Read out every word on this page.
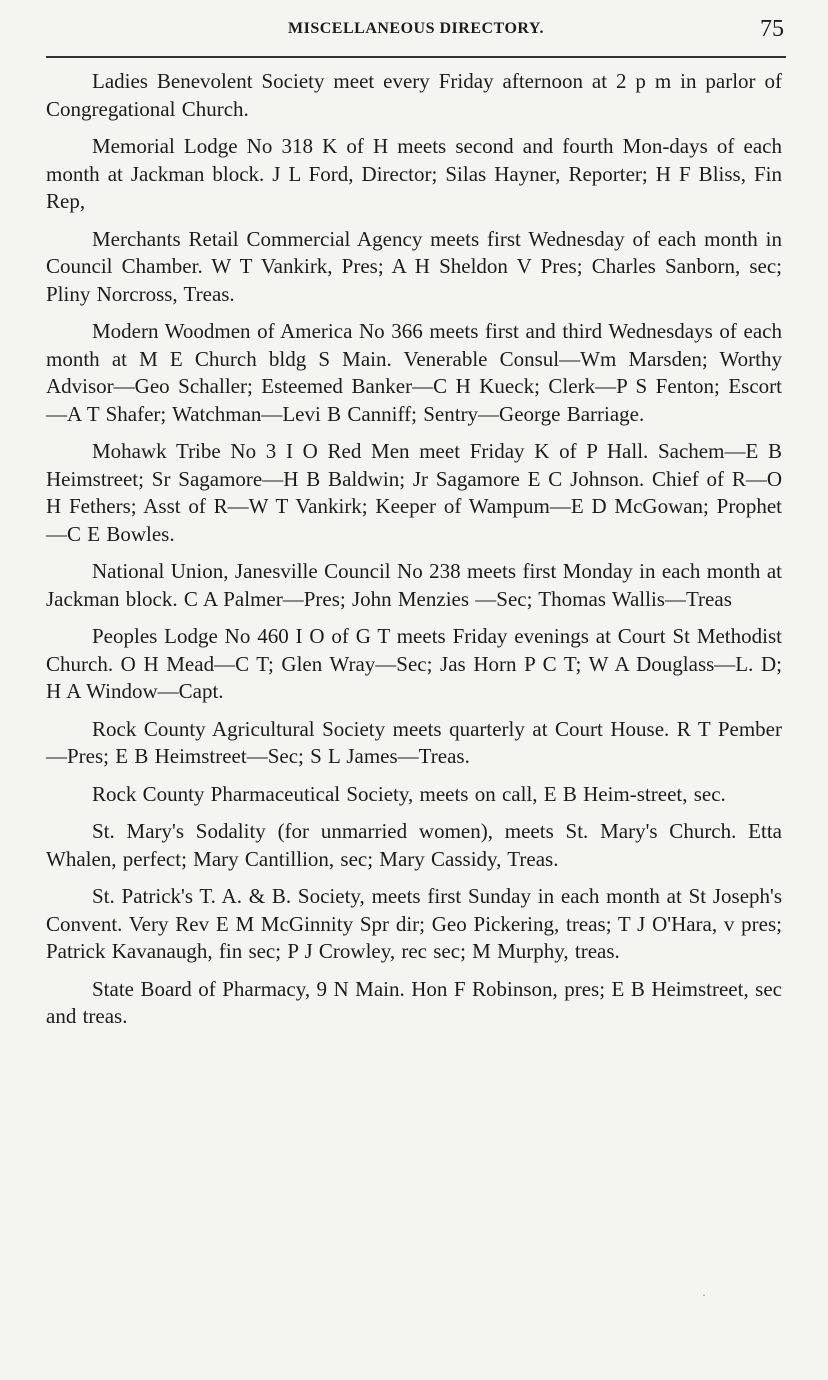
MISCELLANEOUS DIRECTORY.	75

Ladies Benevolent Society meet every Friday afternoon at 2 p m in parlor of Congregational Church.

Memorial Lodge No 318 K of H meets second and fourth Mon-days of each month at Jackman block. J L Ford, Director; Silas Hayner, Reporter; H F Bliss, Fin Rep,

Merchants Retail Commercial Agency meets first Wednesday of each month in Council Chamber. W T Vankirk, Pres; A H Sheldon V Pres; Charles Sanborn, sec; Pliny Norcross, Treas.

Modern Woodmen of America No 366 meets first and third Wednesdays of each month at M E Church bldg S Main. Venerable Consul—Wm Marsden; Worthy Advisor—Geo Schaller; Esteemed Banker—C H Kueck; Clerk—P S Fenton; Escort—A T Shafer; Watchman—Levi B Canniff; Sentry—George Barriage.

Mohawk Tribe No 3 I O Red Men meet Friday K of P Hall. Sachem—E B Heimstreet; Sr Sagamore—H B Baldwin; Jr Sagamore E C Johnson. Chief of R—O H Fethers; Asst of R—W T Vankirk; Keeper of Wampum—E D McGowan; Prophet—C E Bowles.

National Union, Janesville Council No 238 meets first Monday in each month at Jackman block. C A Palmer—Pres; John Menzies —Sec; Thomas Wallis—Treas

Peoples Lodge No 460 I O of G T meets Friday evenings at Court St Methodist Church. O H Mead—C T; Glen Wray—Sec; Jas Horn P C T; W A Douglass—L. D; H A Window—Capt.

Rock County Agricultural Society meets quarterly at Court House. R T Pember—Pres; E B Heimstreet—Sec; S L James—Treas.

Rock County Pharmaceutical Society, meets on call, E B Heim-street, sec.

St. Mary's Sodality (for unmarried women), meets St. Mary's Church. Etta Whalen, perfect; Mary Cantillion, sec; Mary Cassidy, Treas.

St. Patrick's T. A. & B. Society, meets first Sunday in each month at St Joseph's Convent. Very Rev E M McGinnity Spr dir; Geo Pickering, treas; T J O'Hara, v pres; Patrick Kavanaugh, fin sec; P J Crowley, rec sec; M Murphy, treas.

State Board of Pharmacy, 9 N Main. Hon F Robinson, pres; E B Heimstreet, sec and treas.

·
